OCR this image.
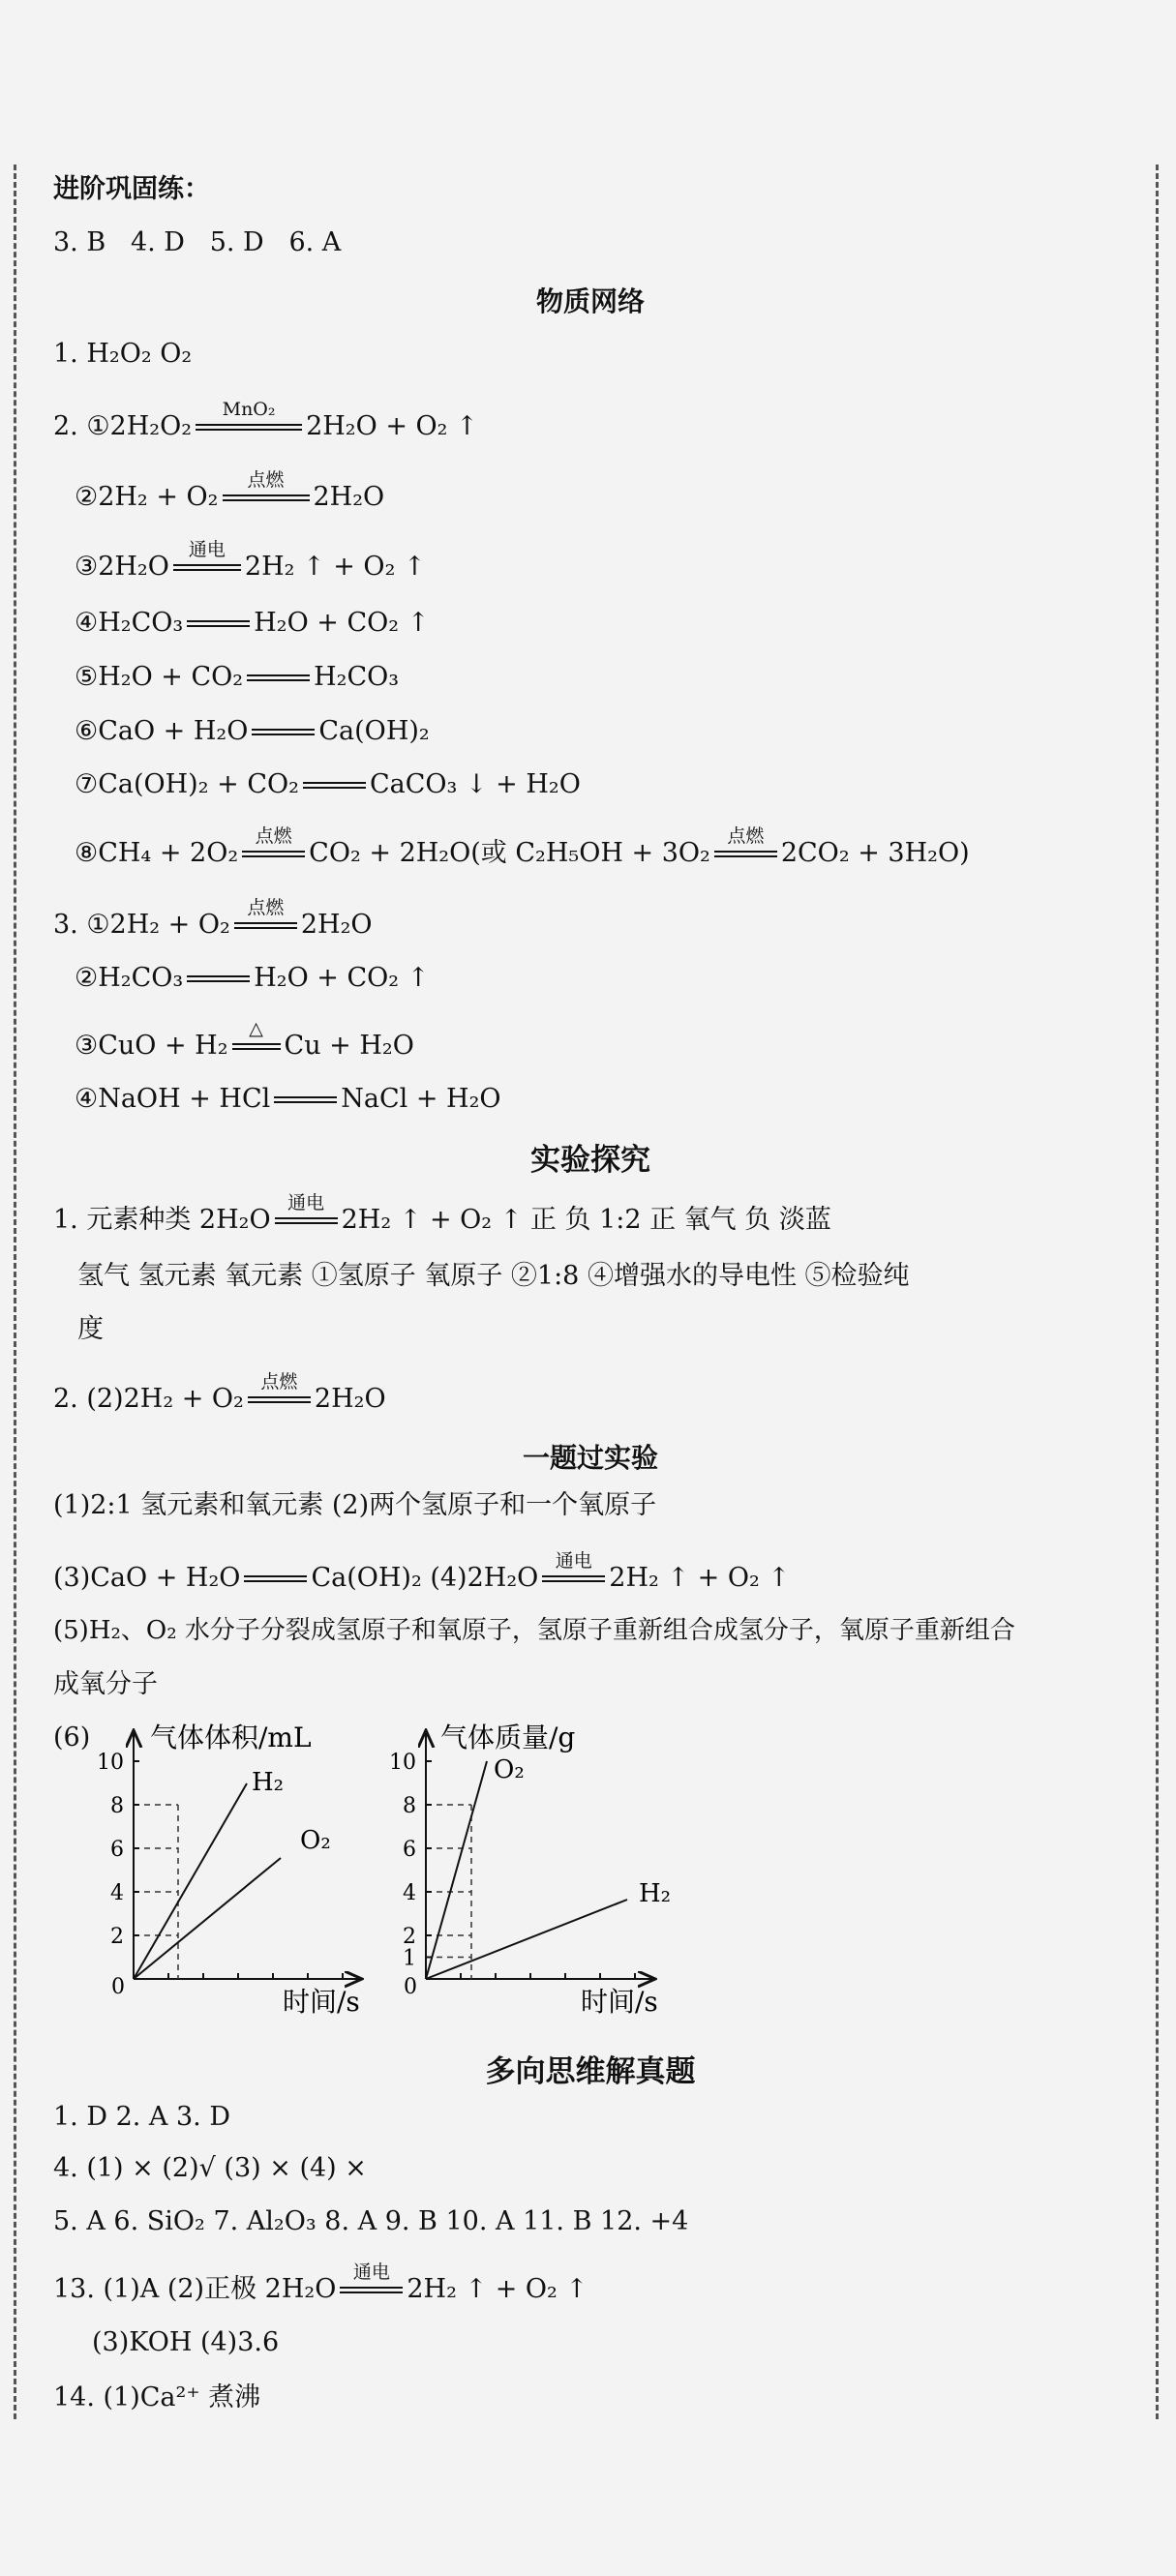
进阶巩固练：
3. B 4. D 5. D 6. A
物质网络
1. H₂O₂ O₂
2. ①2H₂O₂
MnO₂
2H₂O + O₂ ↑
②2H₂ + O₂
点燃
2H₂O
③2H₂O
通电
2H₂ ↑ + O₂ ↑
④H₂CO₃	H₂O + CO₂ ↑
⑤H₂O + CO₂	H₂CO₃
⑥CaO + H₂O	Ca(OH)₂
⑦Ca(OH)₂ + CO₂	CaCO₃ ↓ + H₂O
⑧CH₄ + 2O₂
点燃
CO₂ + 2H₂O(或 C₂H₅OH + 3O₂
点燃
2CO₂ + 3H₂O)
3. ①2H₂ + O₂
点燃
2H₂O
②H₂CO₃	H₂O + CO₂ ↑
③CuO + H₂
△
Cu + H₂O
④NaOH + HCl	NaCl + H₂O
实验探究
1. 元素种类 2H₂O
通电
2H₂ ↑ + O₂ ↑ 正 负 1:2 正 氧气 负 淡蓝
氢气 氢元素 氧元素 ①氢原子 氧原子 ②1:8 ④增强水的导电性 ⑤检验纯
度
2. (2)2H₂ + O₂
点燃
2H₂O
一题过实验
(1)2:1 氢元素和氧元素 (2)两个氢原子和一个氧原子
(3)CaO + H₂O	Ca(OH)₂ (4)2H₂O
通电
2H₂ ↑ + O₂ ↑
(5)H₂、O₂ 水分子分裂成氢原子和氧原子，氢原子重新组合成氢分子，氧原子重新组合
成氧分子
(6) 气体体积/mL
时间/s
0
2
4
6
8
10
H₂
O₂
气体质量/g
时间/s
0
1
2
4
6
8
10	O₂
H₂
多向思维解真题
1. D 2. A 3. D
4. (1) × (2)√ (3) × (4) ×
5. A 6. SiO₂ 7. Al₂O₃ 8. A 9. B 10. A 11. B 12. +4
13. (1)A (2)正极 2H₂O
通电
2H₂ ↑ + O₂ ↑
(3)KOH (4)3.6
14. (1)Ca²⁺ 煮沸
